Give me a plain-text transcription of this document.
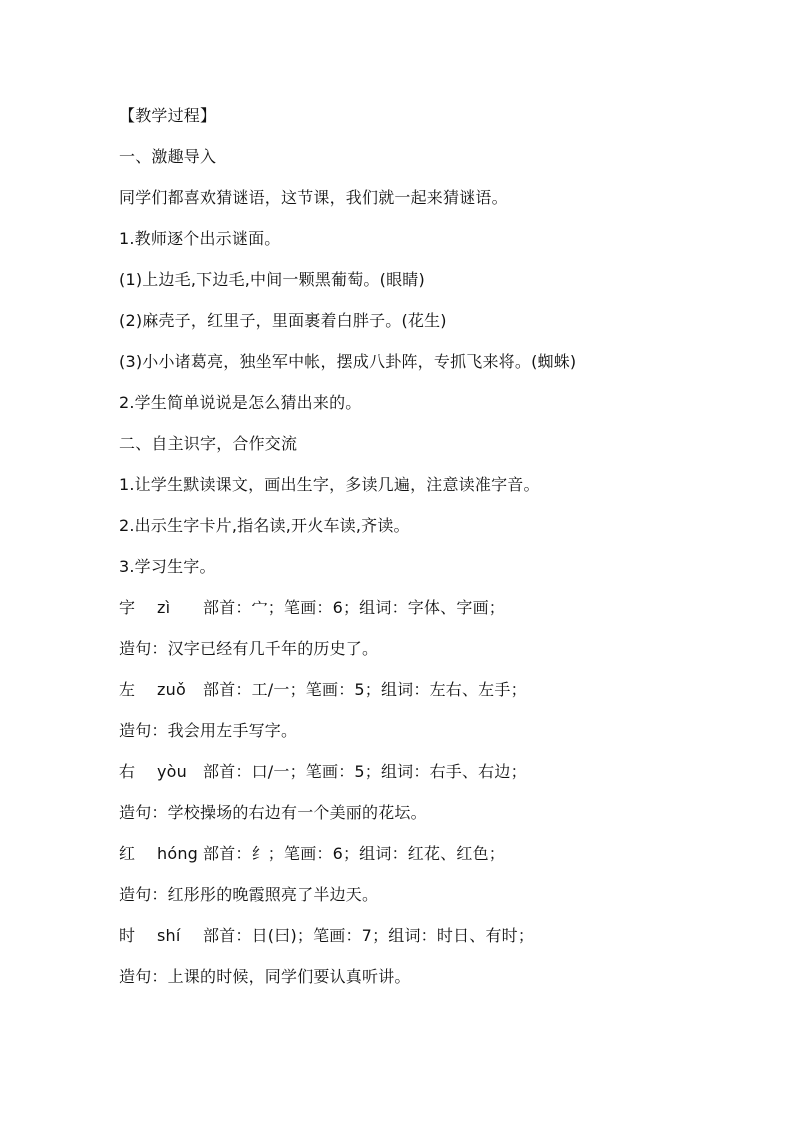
【教学过程】
一、激趣导入
同学们都喜欢猜谜语，这节课，我们就一起来猜谜语。
1.教师逐个出示谜面。
(1)上边毛,下边毛,中间一颗黑葡萄。(眼睛)
(2)麻壳子，红里子，里面裹着白胖子。(花生)
(3)小小诸葛亮，独坐军中帐，摆成八卦阵，专抓飞来将。(蜘蛛)
2.学生简单说说是怎么猜出来的。
二、自主识字，合作交流
1.让学生默读课文，画出生字，多读几遍，注意读准字音。
2.出示生字卡片,指名读,开火车读,齐读。
3.学习生字。
字 zì 部首：宀；笔画：6；组词：字体、字画；
造句：汉字已经有几千年的历史了。
左 zuǒ 部首：工/一；笔画：5；组词：左右、左手；
造句：我会用左手写字。
右 yòu 部首：口/一；笔画：5；组词：右手、右边；
造句：学校操场的右边有一个美丽的花坛。
红 hóng 部首：纟；笔画：6；组词：红花、红色；
造句：红彤彤的晚霞照亮了半边天。
时 shí 部首：日(曰)；笔画：7；组词：时日、有时；
造句：上课的时候，同学们要认真听讲。
